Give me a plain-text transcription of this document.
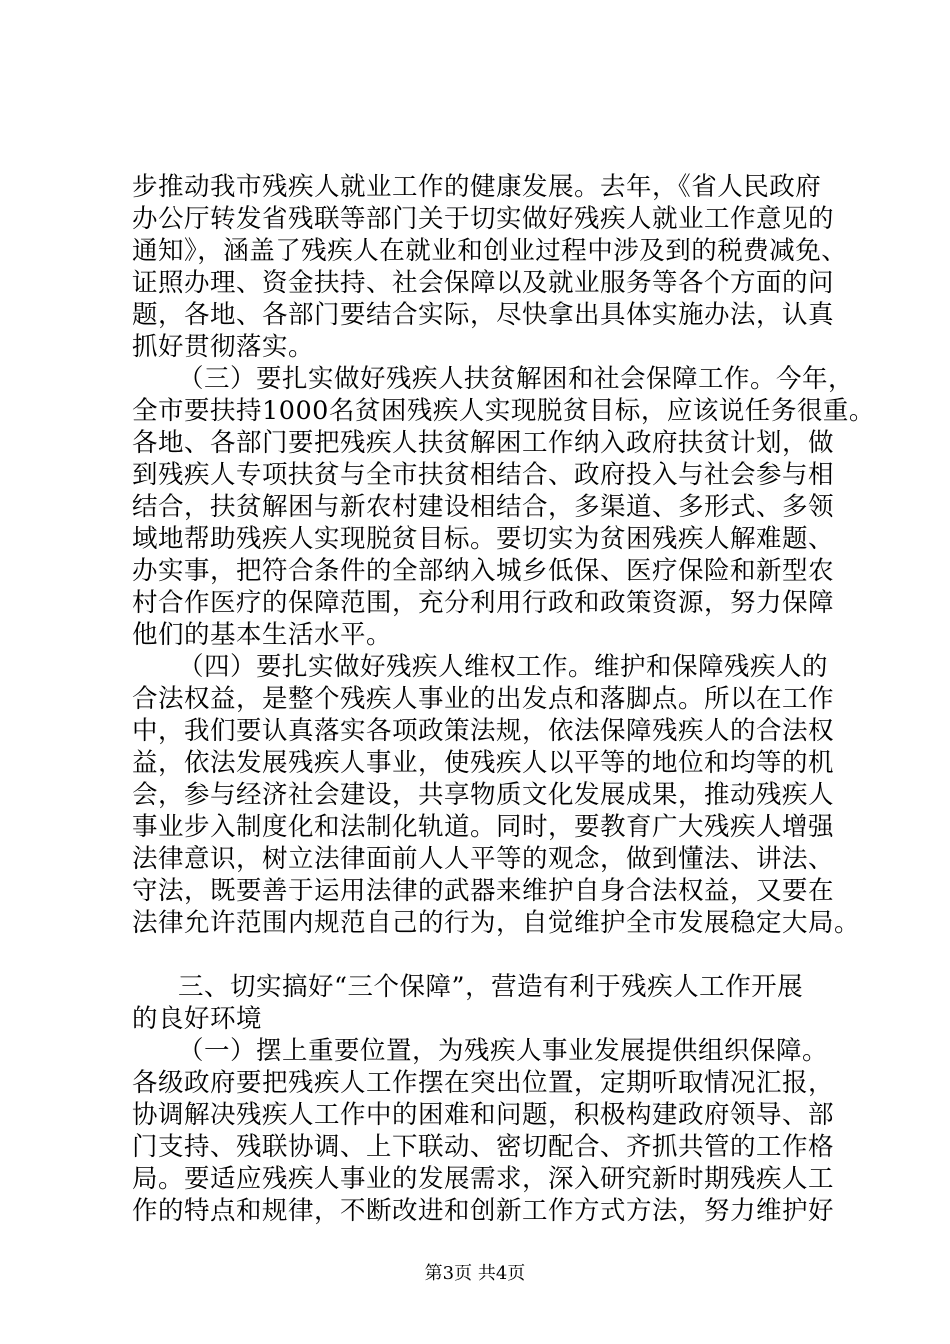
步推动我市残疾人就业工作的健康发展。去年，《省人民政府
办公厅转发省残联等部门关于切实做好残疾人就业工作意见的
通知》，涵盖了残疾人在就业和创业过程中涉及到的税费减免、
证照办理、资金扶持、社会保障以及就业服务等各个方面的问
题，各地、各部门要结合实际，尽快拿出具体实施办法，认真
抓好贯彻落实。
（三）要扎实做好残疾人扶贫解困和社会保障工作。今年，
全市要扶持1000名贫困残疾人实现脱贫目标，应该说任务很重。
各地、各部门要把残疾人扶贫解困工作纳入政府扶贫计划，做
到残疾人专项扶贫与全市扶贫相结合、政府投入与社会参与相
结合，扶贫解困与新农村建设相结合，多渠道、多形式、多领
域地帮助残疾人实现脱贫目标。要切实为贫困残疾人解难题、
办实事，把符合条件的全部纳入城乡低保、医疗保险和新型农
村合作医疗的保障范围，充分利用行政和政策资源，努力保障
他们的基本生活水平。
（四）要扎实做好残疾人维权工作。维护和保障残疾人的
合法权益，是整个残疾人事业的出发点和落脚点。所以在工作
中，我们要认真落实各项政策法规，依法保障残疾人的合法权
益，依法发展残疾人事业，使残疾人以平等的地位和均等的机
会，参与经济社会建设，共享物质文化发展成果，推动残疾人
事业步入制度化和法制化轨道。同时，要教育广大残疾人增强
法律意识，树立法律面前人人平等的观念，做到懂法、讲法、
守法，既要善于运用法律的武器来维护自身合法权益，又要在
法律允许范围内规范自己的行为，自觉维护全市发展稳定大局。
三、切实搞好“三个保障”，营造有利于残疾人工作开展
的良好环境
（一）摆上重要位置，为残疾人事业发展提供组织保障。
各级政府要把残疾人工作摆在突出位置，定期听取情况汇报，
协调解决残疾人工作中的困难和问题，积极构建政府领导、部
门支持、残联协调、上下联动、密切配合、齐抓共管的工作格
局。要适应残疾人事业的发展需求，深入研究新时期残疾人工
作的特点和规律，不断改进和创新工作方式方法，努力维护好
第3页 共4页
